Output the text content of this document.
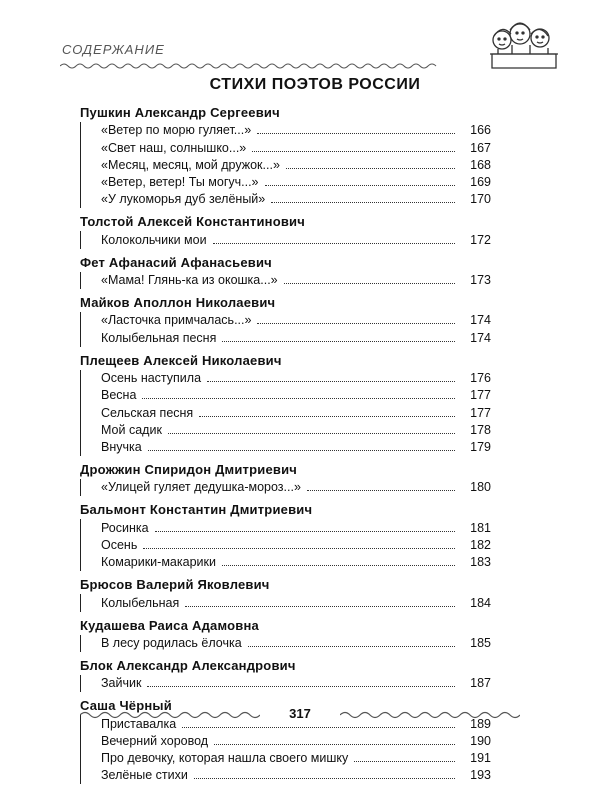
СОДЕРЖАНИЕ
СТИХИ ПОЭТОВ РОССИИ
Пушкин Александр Сергеевич
«Ветер по морю гуляет...»	166
«Свет наш, солнышко...»	167
«Месяц, месяц, мой дружок...»	168
«Ветер, ветер! Ты могуч...»	169
«У лукоморья дуб зелёный»	170
Толстой Алексей Константинович
Колокольчики мои	172
Фет Афанасий Афанасьевич
«Мама! Глянь-ка из окошка...»	173
Майков Аполлон Николаевич
«Ласточка примчалась...»	174
Колыбельная песня	174
Плещеев Алексей Николаевич
Осень наступила	176
Весна	177
Сельская песня	177
Мой садик	178
Внучка	179
Дрожжин Спиридон Дмитриевич
«Улицей гуляет дедушка-мороз...»	180
Бальмонт Константин Дмитриевич
Росинка	181
Осень	182
Комарики-макарики	183
Брюсов Валерий Яковлевич
Колыбельная	184
Кудашева Раиса Адамовна
В лесу родилась ёлочка	185
Блок Александр Александрович
Зайчик	187
Саша Чёрный
Приставалка	189
Вечерний хоровод	190
Про девочку, которая нашла своего мишку	191
Зелёные стихи	193
317
